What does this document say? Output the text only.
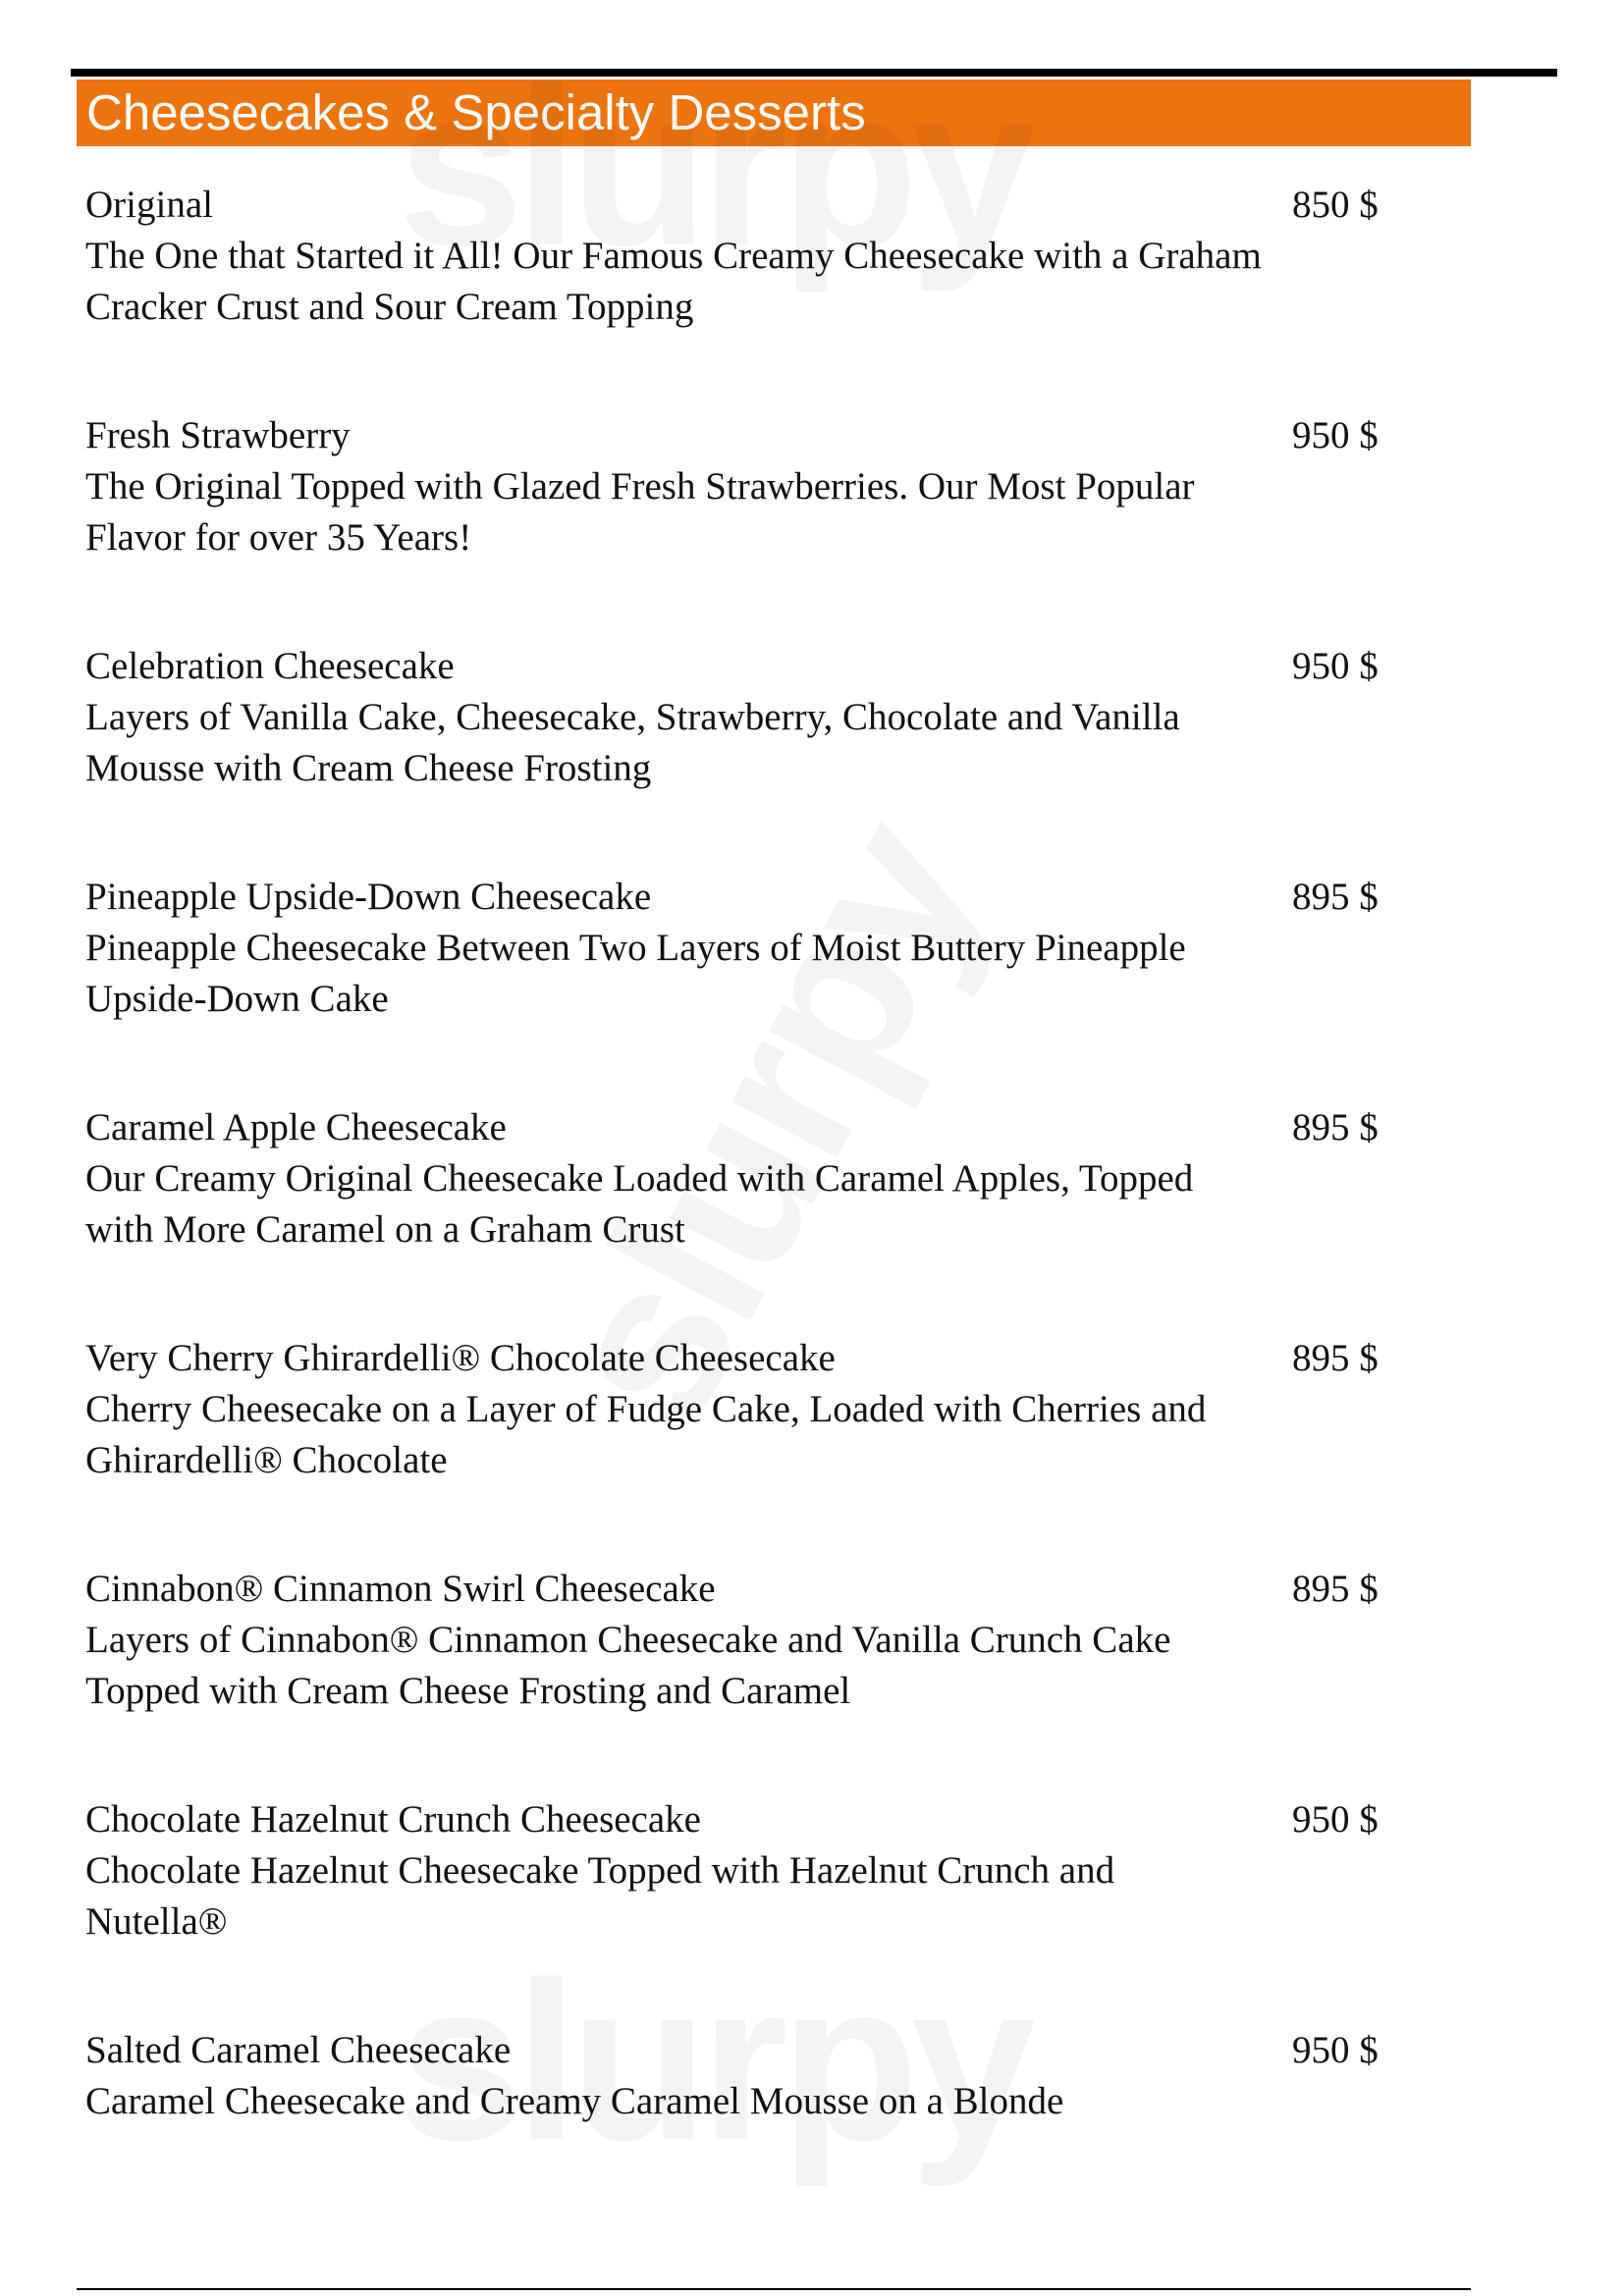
Cheesecakes & Specialty Desserts
Original
The One that Started it All! Our Famous Creamy Cheesecake with a Graham Cracker Crust and Sour Cream Topping
850 $
Fresh Strawberry
The Original Topped with Glazed Fresh Strawberries. Our Most Popular Flavor for over 35 Years!
950 $
Celebration Cheesecake
Layers of Vanilla Cake, Cheesecake, Strawberry, Chocolate and Vanilla Mousse with Cream Cheese Frosting
950 $
Pineapple Upside-Down Cheesecake
Pineapple Cheesecake Between Two Layers of Moist Buttery Pineapple Upside-Down Cake
895 $
Caramel Apple Cheesecake
Our Creamy Original Cheesecake Loaded with Caramel Apples, Topped with More Caramel on a Graham Crust
895 $
Very Cherry Ghirardelli® Chocolate Cheesecake
Cherry Cheesecake on a Layer of Fudge Cake, Loaded with Cherries and Ghirardelli® Chocolate
895 $
Cinnabon® Cinnamon Swirl Cheesecake
Layers of Cinnabon® Cinnamon Cheesecake and Vanilla Crunch Cake Topped with Cream Cheese Frosting and Caramel
895 $
Chocolate Hazelnut Crunch Cheesecake
Chocolate Hazelnut Cheesecake Topped with Hazelnut Crunch and Nutella®
950 $
Salted Caramel Cheesecake
Caramel Cheesecake and Creamy Caramel Mousse on a Blonde
950 $
